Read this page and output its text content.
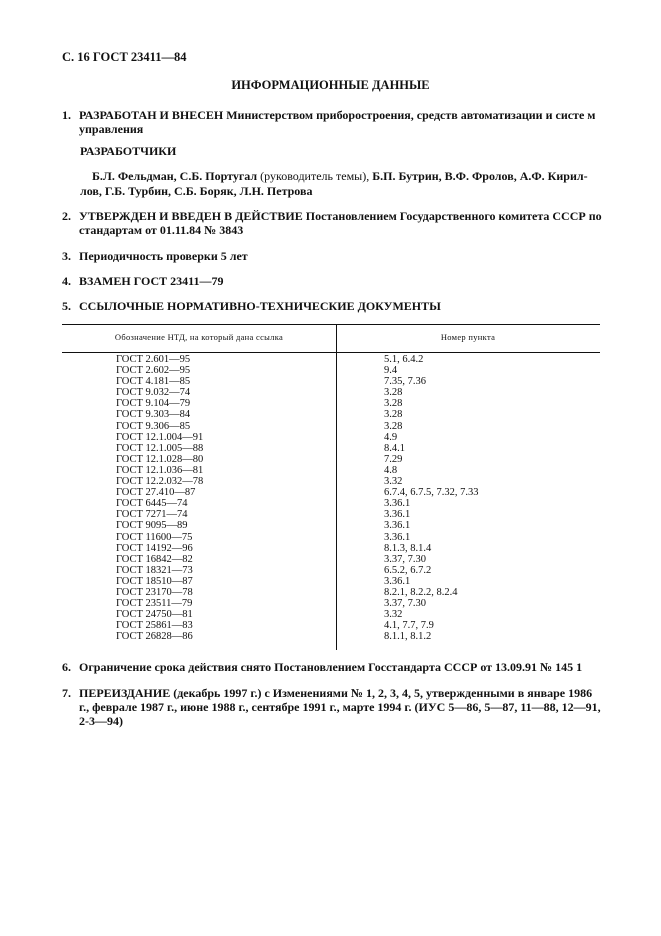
С. 16 ГОСТ 23411—84
ИНФОРМАЦИОННЫЕ ДАННЫЕ
1. РАЗРАБОТАН И ВНЕСЕН Министерством приборостроения, средств автоматизации и систе м управления
РАЗРАБОТЧИКИ
Б.Л. Фельдман, С.Б. Португал (руководитель темы), Б.П. Бутрин, В.Ф. Фролов, А.Ф. Кирил-лов, Г.Б. Турбин, С.Б. Боряк, Л.Н. Петрова
2. УТВЕРЖДЕН И ВВЕДЕН В ДЕЙСТВИЕ Постановлением Государственного комитета СССР по стандартам от 01.11.84 № 3843
3. Периодичность проверки 5 лет
4. ВЗАМЕН ГОСТ 23411—79
5. ССЫЛОЧНЫЕ НОРМАТИВНО-ТЕХНИЧЕСКИЕ ДОКУМЕНТЫ
Обозначение НТД, на который дана ссылка	Номер пункта
ГОСТ 2.601—95	5.1, 6.4.2
ГОСТ 2.602—95	9.4
ГОСТ 4.181—85	7.35, 7.36
ГОСТ 9.032—74	3.28
ГОСТ 9.104—79	3.28
ГОСТ 9.303—84	3.28
ГОСТ 9.306—85	3.28
ГОСТ 12.1.004—91	4.9
ГОСТ 12.1.005—88	8.4.1
ГОСТ 12.1.028—80	7.29
ГОСТ 12.1.036—81	4.8
ГОСТ 12.2.032—78	3.32
ГОСТ 27.410—87	6.7.4, 6.7.5, 7.32, 7.33
ГОСТ 6445—74	3.36.1
ГОСТ 7271—74	3.36.1
ГОСТ 9095—89	3.36.1
ГОСТ 11600—75	3.36.1
ГОСТ 14192—96	8.1.3, 8.1.4
ГОСТ 16842—82	3.37, 7.30
ГОСТ 18321—73	6.5.2, 6.7.2
ГОСТ 18510—87	3.36.1
ГОСТ 23170—78	8.2.1, 8.2.2, 8.2.4
ГОСТ 23511—79	3.37, 7.30
ГОСТ 24750—81	3.32
ГОСТ 25861—83	4.1, 7.7, 7.9
ГОСТ 26828—86	8.1.1, 8.1.2
6. Ограничение срока действия снято Постановлением Госстандарта СССР от 13.09.91 № 145 1
7. ПЕРЕИЗДАНИЕ (декабрь 1997 г.) с Изменениями № 1, 2, 3, 4, 5, утвержденными в январе 1986 г., февpале 1987 г., июне 1988 г., сентябре 1991 г., марте 1994 г. (ИУС 5—86, 5—87, 11—88, 12—91, 2-3—94)
